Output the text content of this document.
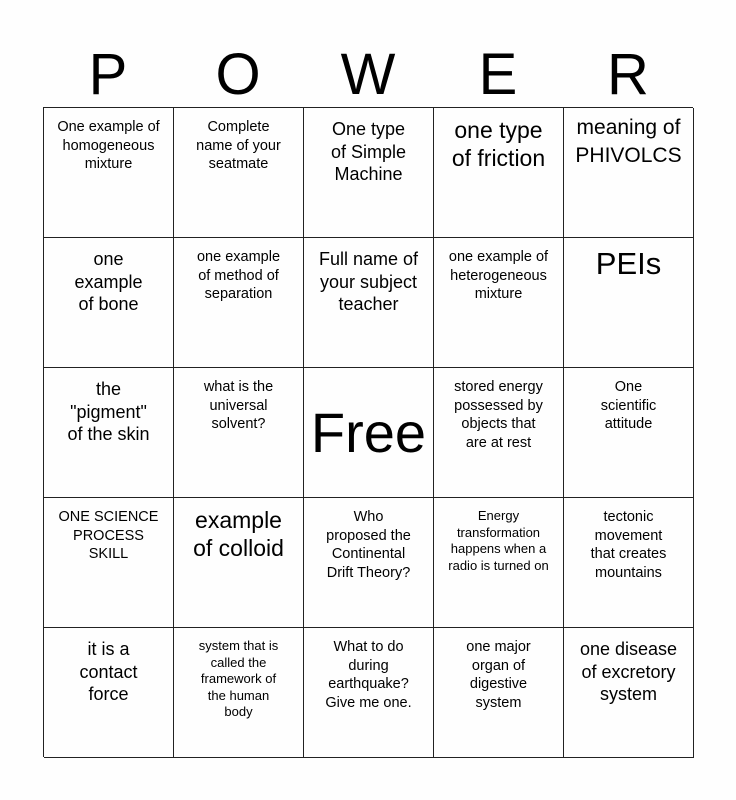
P	O	W	E	R
One example of
homogeneous
mixture
Complete
name of your
seatmate
One type
of Simple
Machine
one type
of friction
meaning of
PHIVOLCS
one
example
of bone
one example
of method of
separation
Full name of
your subject
teacher
one example of
heterogeneous
mixture
PEIs
the
"pigment"
of the skin
what is the
universal
solvent? Free
stored energy
possessed by
objects that
are at rest
One
scientific
attitude
ONE SCIENCE
PROCESS
SKILL
example
of colloid
Who
proposed the
Continental
Drift Theory?
Energy
transformation
happens when a
radio is turned on
tectonic
movement
that creates
mountains
it is a
contact
force
system that is
called the
framework of
the human
body
What to do
during
earthquake?
Give me one.
one major
organ of
digestive
system
one disease
of excretory
system
